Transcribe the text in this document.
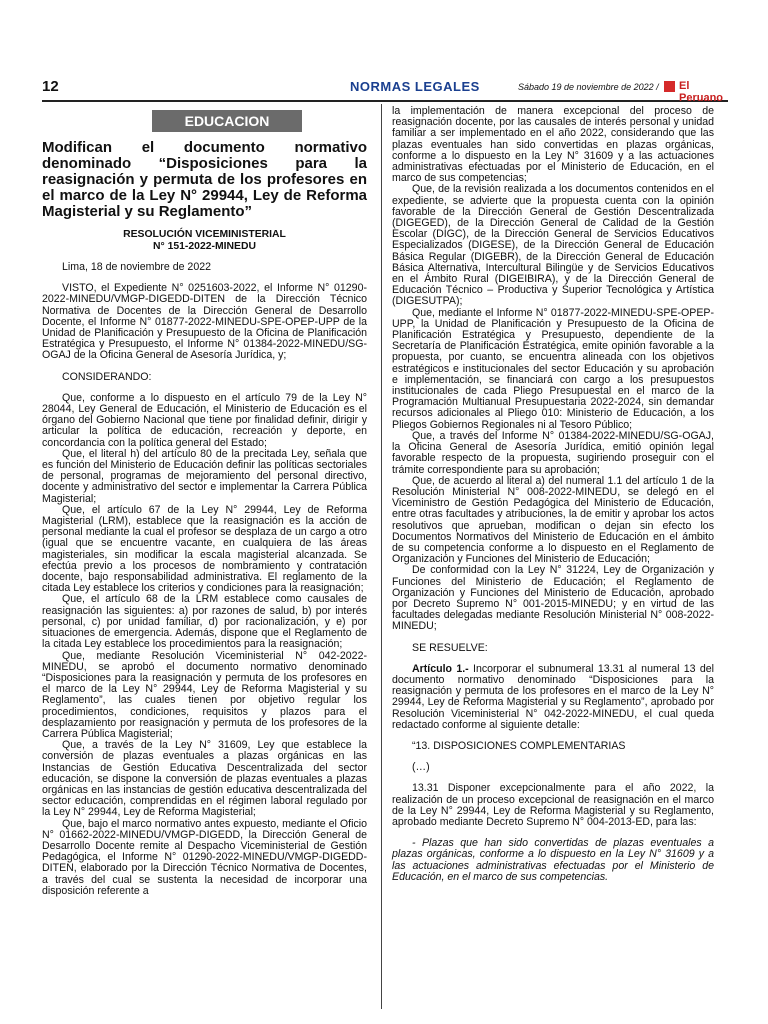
12	NORMAS LEGALES	Sábado 19 de noviembre de 2022 / El Peruano
EDUCACION
Modifican el documento normativo denominado “Disposiciones para la reasignación y permuta de los profesores en el marco de la Ley N° 29944, Ley de Reforma Magisterial y su Reglamento”
RESOLUCIÓN VICEMINISTERIAL
N° 151-2022-MINEDU

Lima, 18 de noviembre de 2022

VISTO, el Expediente N° 0251603-2022, el Informe N° 01290-2022-MINEDU/VMGP-DIGEDD-DITEN de la Dirección Técnico Normativa de Docentes de la Dirección General de Desarrollo Docente, el Informe N° 01877-2022-MINEDU-SPE-OPEP-UPP de la Unidad de Planificación y Presupuesto de la Oficina de Planificación Estratégica y Presupuesto, el Informe N° 01384-2022-MINEDU/SG-OGAJ de la Oficina General de Asesoría Jurídica, y;

CONSIDERANDO:

Que, conforme a lo dispuesto en el artículo 79 de la Ley N° 28044, Ley General de Educación, el Ministerio de Educación es el órgano del Gobierno Nacional que tiene por finalidad definir, dirigir y articular la política de educación, recreación y deporte, en concordancia con la política general del Estado;

Que, el literal h) del artículo 80 de la precitada Ley, señala que es función del Ministerio de Educación definir las políticas sectoriales de personal, programas de mejoramiento del personal directivo, docente y administrativo del sector e implementar la Carrera Pública Magisterial;

Que, el artículo 67 de la Ley N° 29944, Ley de Reforma Magisterial (LRM), establece que la reasignación es la acción de personal mediante la cual el profesor se desplaza de un cargo a otro (igual que se encuentre vacante, en cualquiera de las áreas magisteriales, sin modificar la escala magisterial alcanzada. Se efectúa previo a los procesos de nombramiento y contratación docente, bajo responsabilidad administrativa. El reglamento de la citada Ley establece los criterios y condiciones para la reasignación;

Que, el artículo 68 de la LRM establece como causales de reasignación las siguientes: a) por razones de salud, b) por interés personal, c) por unidad familiar, d) por racionalización, y e) por situaciones de emergencia. Además, dispone que el Reglamento de la citada Ley establece los procedimientos para la reasignación;

Que, mediante Resolución Viceministerial N° 042-2022-MINEDU, se aprobó el documento normativo denominado “Disposiciones para la reasignación y permuta de los profesores en el marco de la Ley N° 29944, Ley de Reforma Magisterial y su Reglamento”, las cuales tienen por objetivo regular los procedimientos, condiciones, requisitos y plazos para el desplazamiento por reasignación y permuta de los profesores de la Carrera Pública Magisterial;

Que, a través de la Ley N° 31609, Ley que establece la conversión de plazas eventuales a plazas orgánicas en las Instancias de Gestión Educativa Descentralizada del sector educación, se dispone la conversión de plazas eventuales a plazas orgánicas en las instancias de gestión educativa descentralizada del sector educación, comprendidas en el régimen laboral regulado por la Ley N° 29944, Ley de Reforma Magisterial;

Que, bajo el marco normativo antes expuesto, mediante el Oficio N° 01662-2022-MINEDU/VMGP-DIGEDD, la Dirección General de Desarrollo Docente remite al Despacho Viceministerial de Gestión Pedagógica, el Informe N° 01290-2022-MINEDU/VMGP-DIGEDD-DITEN, elaborado por la Dirección Técnico Normativa de Docentes, a través del cual se sustenta la necesidad de incorporar una disposición referente a

la implementación de manera excepcional del proceso de reasignación docente, por las causales de interés personal y unidad familiar a ser implementado en el año 2022, considerando que las plazas eventuales han sido convertidas en plazas orgánicas, conforme a lo dispuesto en la Ley N° 31609 y a las actuaciones administrativas efectuadas por el Ministerio de Educación, en el marco de sus competencias;

Que, de la revisión realizada a los documentos contenidos en el expediente, se advierte que la propuesta cuenta con la opinión favorable de la Dirección General de Gestión Descentralizada (DIGEGED), de la Dirección General de Calidad de la Gestión Escolar (DIGC), de la Dirección General de Servicios Educativos Especializados (DIGESE), de la Dirección General de Educación Básica Regular (DIGEBR), de la Dirección General de Educación Básica Alternativa, Intercultural Bilingüe y de Servicios Educativos en el Ámbito Rural (DIGEIBIRA), y de la Dirección General de Educación Técnico – Productiva y Superior Tecnológica y Artística (DIGESUTPA);

Que, mediante el Informe N° 01877-2022-MINEDU-SPE-OPEP-UPP, la Unidad de Planificación y Presupuesto de la Oficina de Planificación Estratégica y Presupuesto, dependiente de la Secretaría de Planificación Estratégica, emite opinión favorable a la propuesta, por cuanto, se encuentra alineada con los objetivos estratégicos e institucionales del sector Educación y su aprobación e implementación, se financiará con cargo a los presupuestos institucionales de cada Pliego Presupuestal en el marco de la Programación Multianual Presupuestaria 2022-2024, sin demandar recursos adicionales al Pliego 010: Ministerio de Educación, a los Pliegos Gobiernos Regionales ni al Tesoro Público;

Que, a través del Informe N° 01384-2022-MINEDU/SG-OGAJ, la Oficina General de Asesoría Jurídica, emitió opinión legal favorable respecto de la propuesta, sugiriendo proseguir con el trámite correspondiente para su aprobación;

Que, de acuerdo al literal a) del numeral 1.1 del artículo 1 de la Resolución Ministerial N° 008-2022-MINEDU, se delegó en el Viceministro de Gestión Pedagógica del Ministerio de Educación, entre otras facultades y atribuciones, la de emitir y aprobar los actos resolutivos que aprueban, modifican o dejan sin efecto los Documentos Normativos del Ministerio de Educación en el ámbito de su competencia conforme a lo dispuesto en el Reglamento de Organización y Funciones del Ministerio de Educación;

De conformidad con la Ley N° 31224, Ley de Organización y Funciones del Ministerio de Educación; el Reglamento de Organización y Funciones del Ministerio de Educación, aprobado por Decreto Supremo N° 001-2015-MINEDU; y en virtud de las facultades delegadas mediante Resolución Ministerial N° 008-2022-MINEDU;

SE RESUELVE:

Artículo 1.- Incorporar el subnumeral 13.31 al numeral 13 del documento normativo denominado “Disposiciones para la reasignación y permuta de los profesores en el marco de la Ley N° 29944, Ley de Reforma Magisterial y su Reglamento”, aprobado por Resolución Viceministerial N° 042-2022-MINEDU, el cual queda redactado conforme al siguiente detalle:

“13. DISPOSICIONES COMPLEMENTARIAS

(…)

13.31 Disponer excepcionalmente para el año 2022, la realización de un proceso excepcional de reasignación en el marco de la Ley N° 29944, Ley de Reforma Magisterial y su Reglamento, aprobado mediante Decreto Supremo N° 004-2013-ED, para las:

- Plazas que han sido convertidas de plazas eventuales a plazas orgánicas, conforme a lo dispuesto en la Ley N° 31609 y a las actuaciones administrativas efectuadas por el Ministerio de Educación, en el marco de sus competencias.
